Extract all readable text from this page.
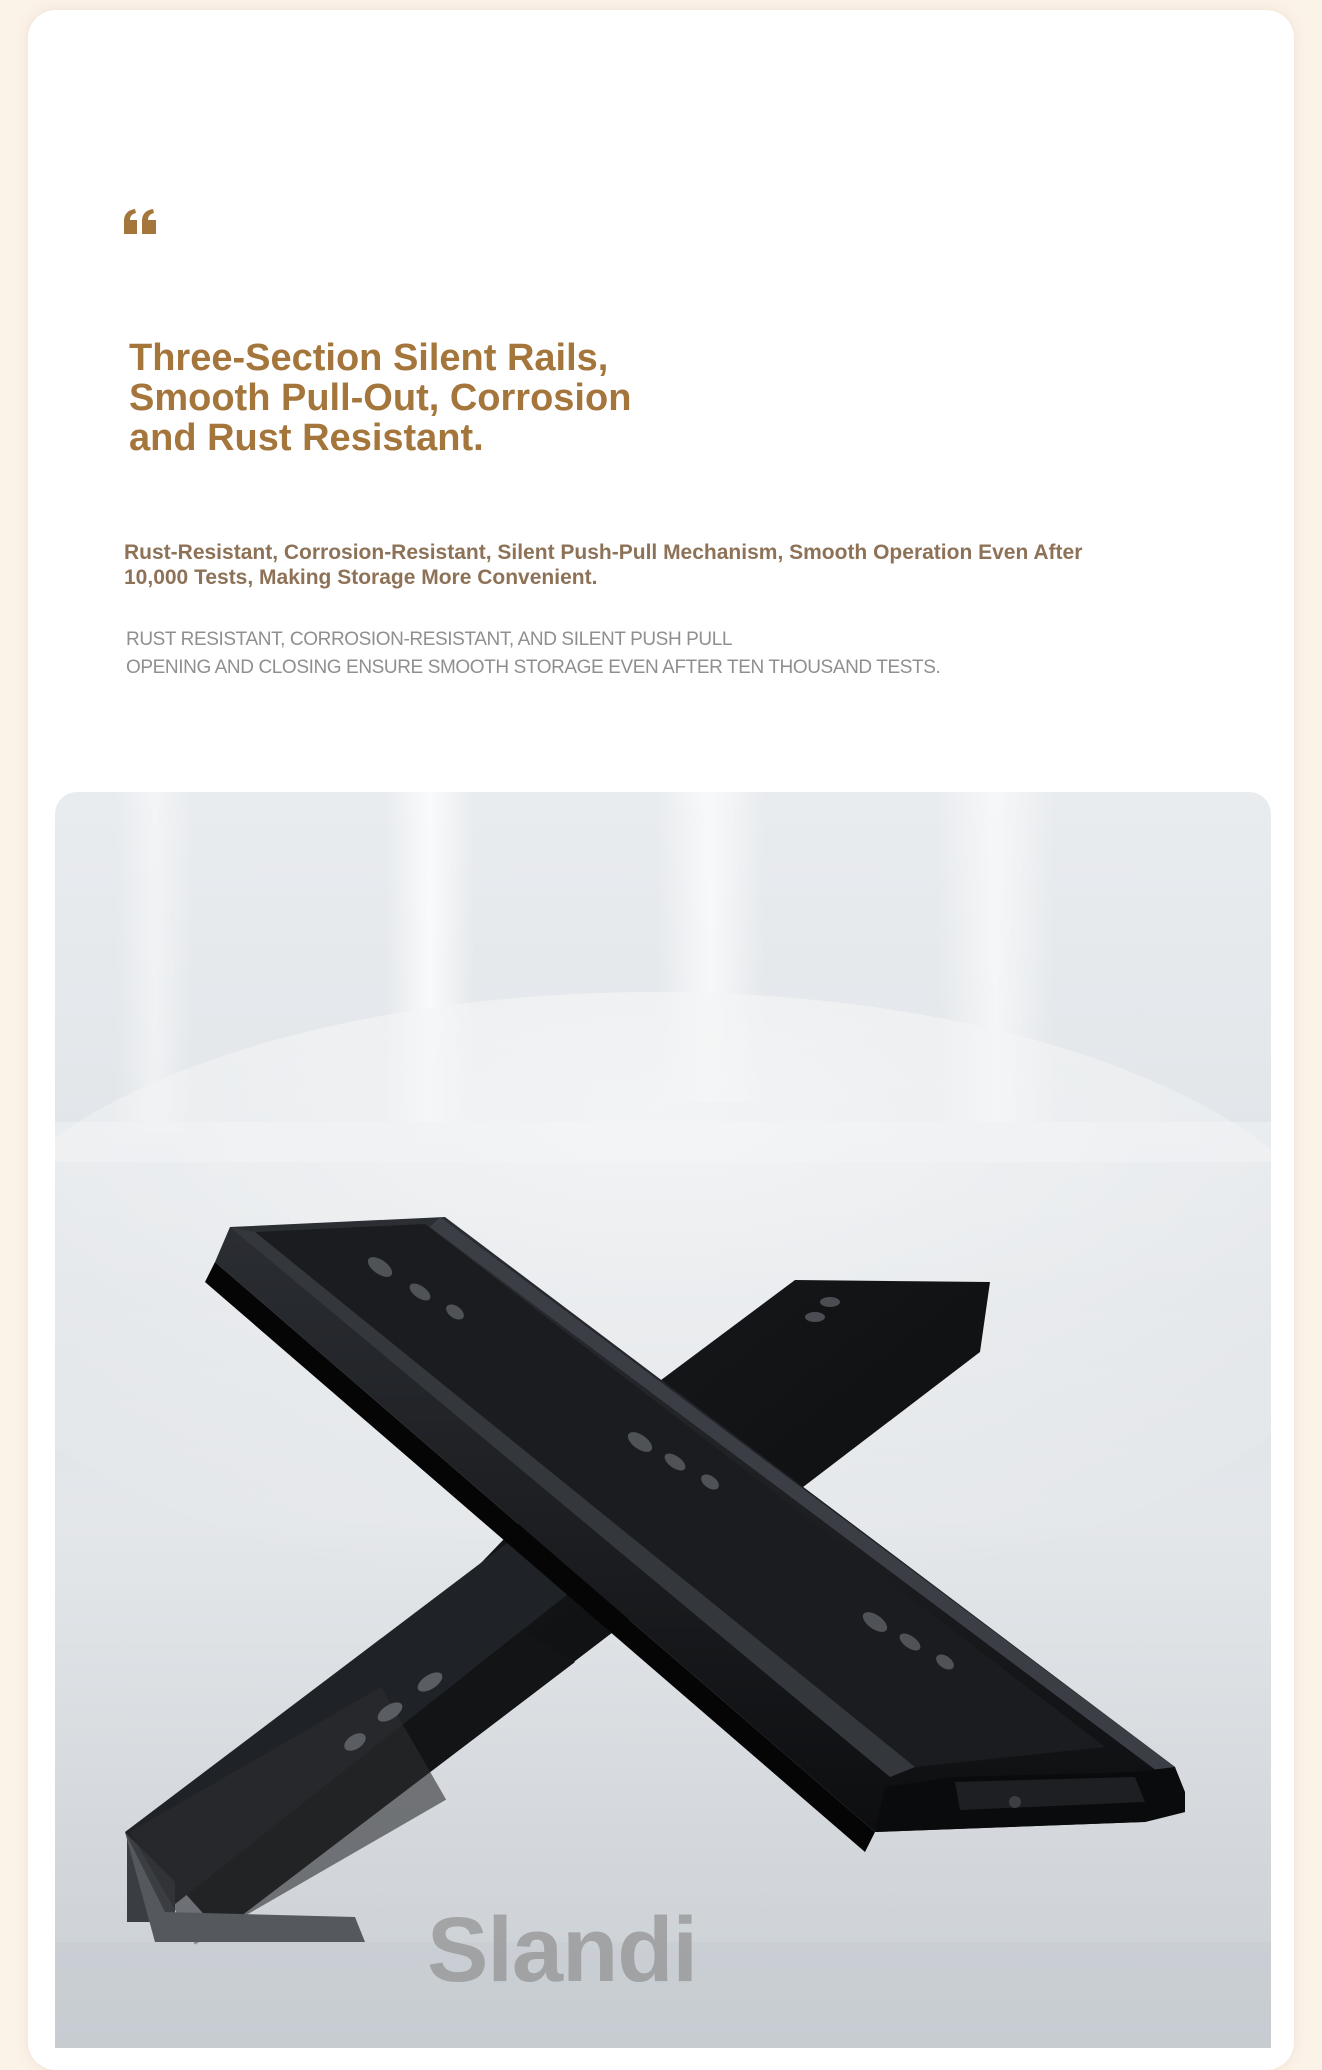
Three-Section Silent Rails,
Smooth Pull-Out, Corrosion
and Rust Resistant.

Rust-Resistant, Corrosion-Resistant, Silent Push-Pull Mechanism, Smooth Operation Even After
10,000 Tests, Making Storage More Convenient.

RUST RESISTANT, CORROSION-RESISTANT, AND SILENT PUSH PULL
OPENING AND CLOSING ENSURE SMOOTH STORAGE EVEN AFTER TEN THOUSAND TESTS.

Slandi
